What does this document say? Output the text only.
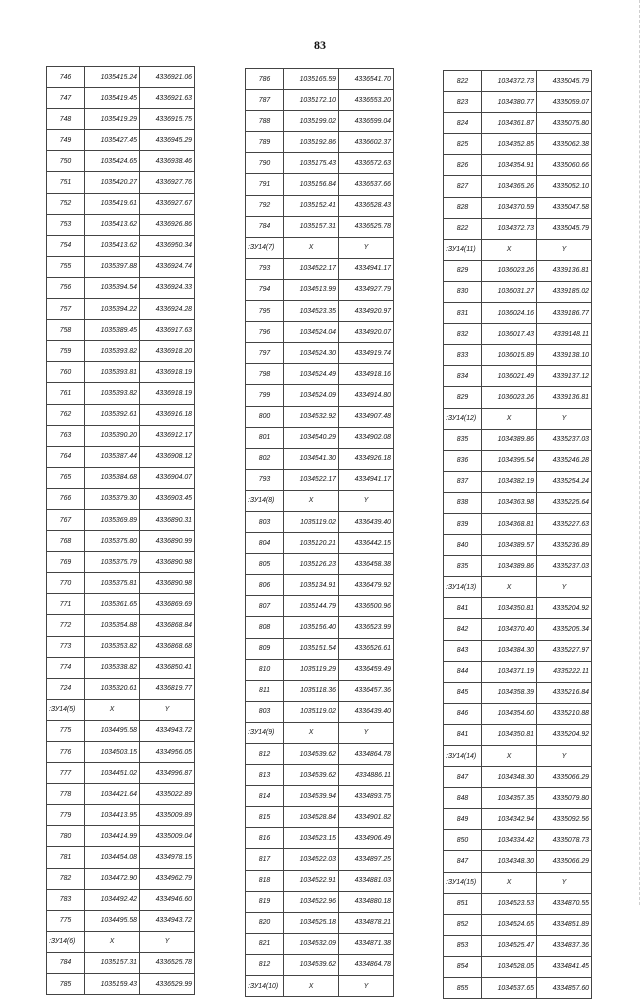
83
746	1035415.24	4336921.06
747	1035419.45	4336921.63
748	1035419.29	4336915.75
749	1035427.45	4336945.29
750	1035424.65	4336938.46
751	1035420.27	4336927.76
752	1035419.61	4336927.67
753	1035413.62	4336926.86
754	1035413.62	4336950.34
755	1035397.88	4336924.74
756	1035394.54	4336924.33
757	1035394.22	4336924.28
758	1035389.45	4336917.63
759	1035393.82	4336918.20
760	1035393.81	4336918.19
761	1035393.82	4336918.19
762	1035392.61	4336916.18
763	1035390.20	4336912.17
764	1035387.44	4336908.12
765	1035384.68	4336904.07
766	1035379.30	4336903.45
767	1035369.89	4336890.31
768	1035375.80	4336890.99
769	1035375.79	4336890.98
770	1035375.81	4336890.98
771	1035361.65	4336869.69
772	1035354.88	4336868.84
773	1035353.82	4336868.68
774	1035338.82	4336850.41
724	1035320.61	4336819.77
:ЗУ14(5)	X	Y
775	1034495.58	4334943.72
776	1034503.15	4334956.05
777	1034451.02	4334996.87
778	1034421.64	4335022.89
779	1034413.95	4335009.89
780	1034414.99	4335009.04
781	1034454.08	4334978.15
782	1034472.90	4334962.79
783	1034492.42	4334946.60
775	1034495.58	4334943.72
:ЗУ14(6)	X	Y
784	1035157.31	4336525.78
785	1035159.43	4336529.99
786	1035165.59	4336541.70
787	1035172.10	4336553.20
788	1035199.02	4336599.04
789	1035192.86	4336602.37
790	1035175.43	4336572.63
791	1035156.84	4336537.66
792	1035152.41	4336528.43
784	1035157.31	4336525.78
:ЗУ14(7)	X	Y
793	1034522.17	4334941.17
794	1034513.99	4334927.79
795	1034523.35	4334920.97
796	1034524.04	4334920.07
797	1034524.30	4334919.74
798	1034524.49	4334918.16
799	1034524.09	4334914.80
800	1034532.92	4334907.48
801	1034540.29	4334902.08
802	1034541.30	4334926.18
793	1034522.17	4334941.17
:ЗУ14(8)	X	Y
803	1035119.02	4336439.40
804	1035120.21	4336442.15
805	1035126.23	4336458.38
806	1035134.91	4336479.92
807	1035144.79	4336500.96
808	1035156.40	4336523.99
809	1035151.54	4336526.61
810	1035119.29	4336459.49
811	1035118.36	4336457.36
803	1035119.02	4336439.40
:ЗУ14(9)	X	Y
812	1034539.62	4334864.78
813	1034539.62	4334886.11
814	1034539.94	4334893.75
815	1034528.84	4334901.82
816	1034523.15	4334906.49
817	1034522.03	4334897.25
818	1034522.91	4334881.03
819	1034522.96	4334880.18
820	1034525.18	4334878.21
821	1034532.09	4334871.38
812	1034539.62	4334864.78
:ЗУ14(10)	X	Y
822	1034372.73	4335045.79
823	1034380.77	4335059.07
824	1034361.87	4335075.80
825	1034352.85	4335062.38
826	1034354.91	4335060.66
827	1034365.26	4335052.10
828	1034370.59	4335047.58
822	1034372.73	4335045.79
:ЗУ14(11)	X	Y
829	1036023.26	4339136.81
830	1036031.27	4339185.02
831	1036024.16	4339186.77
832	1036017.43	4339148.11
833	1036015.89	4339138.10
834	1036021.49	4339137.12
829	1036023.26	4339136.81
:ЗУ14(12)	X	Y
835	1034389.86	4335237.03
836	1034395.54	4335246.28
837	1034382.19	4335254.24
838	1034363.98	4335225.64
839	1034368.81	4335227.63
840	1034389.57	4335236.89
835	1034389.86	4335237.03
:ЗУ14(13)	X	Y
841	1034350.81	4335204.92
842	1034370.40	4335205.34
843	1034384.30	4335227.97
844	1034371.19	4335222.11
845	1034358.39	4335216.84
846	1034354.60	4335210.88
841	1034350.81	4335204.92
:ЗУ14(14)	X	Y
847	1034348.30	4335066.29
848	1034357.35	4335079.80
849	1034342.94	4335092.56
850	1034334.42	4335078.73
847	1034348.30	4335066.29
:ЗУ14(15)	X	Y
851	1034523.53	4334870.55
852	1034524.65	4334851.89
853	1034525.47	4334837.36
854	1034528.05	4334841.45
855	1034537.65	4334857.60
